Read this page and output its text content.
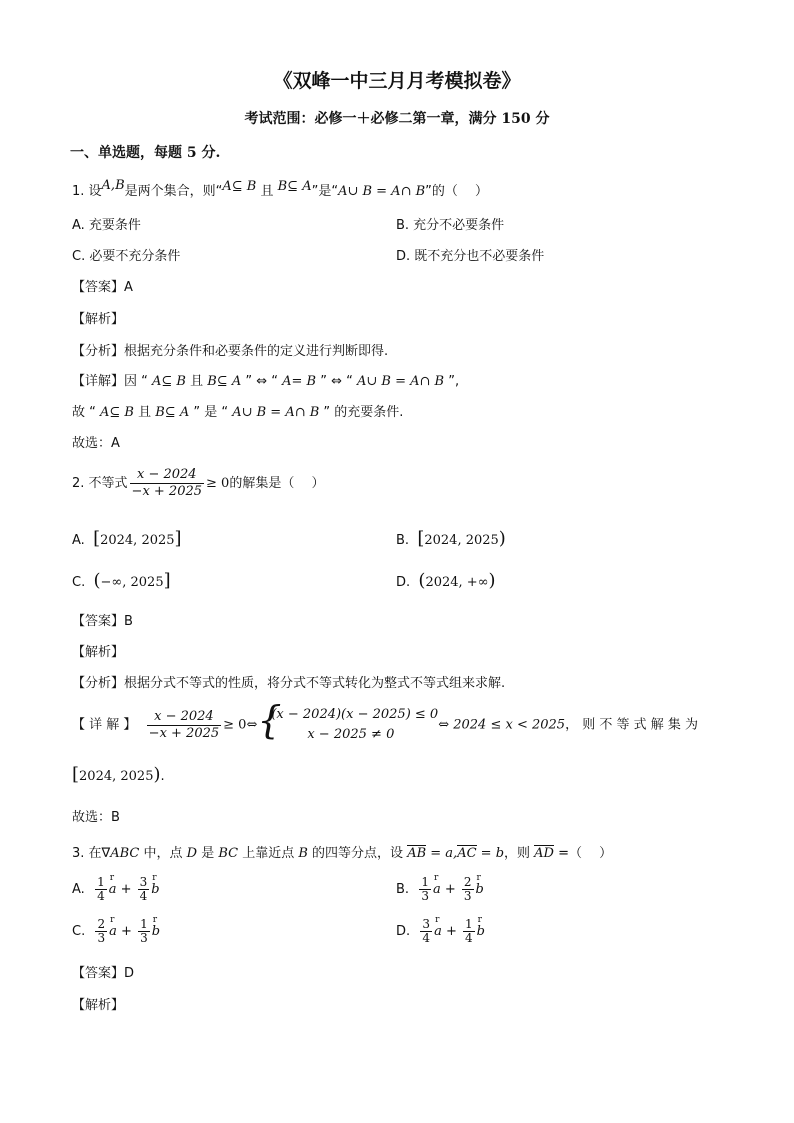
《双峰一中三月月考模拟卷》
考试范围：必修一＋必修二第一章，满分 150 分
一、单选题，每题 5 分.
1. 设A,B是两个集合，则“A⊆ B 且 B⊆ A”是“A∪ B = A∩ B”的（　 ）
A. 充要条件	B. 充分不必要条件
C. 必要不充分条件	D. 既不充分也不必要条件
【答案】A
【解析】
【分析】根据充分条件和必要条件的定义进行判断即得.
【详解】因 “ A⊆ B 且 B⊆ A ” ⇔ “ A= B ” ⇔ “ A∪ B = A∩ B ”,
故 “ A⊆ B 且 B⊆ A ” 是 “ A∪ B = A∩ B ” 的充要条件.
故选：A
2. 不等式 $\frac{x - 2024}{-x + 2025} \ge 0$的解集是（　 ）
A. [2024, 2025]	B. [2024, 2025)
C. (−∞, 2025]	D. (2024, +∞)
【答案】B
【解析】
【分析】根据分式不等式的性质，将分式不等式转化为整式不等式组来求解.
【 详 解 】 $\frac{x - 2024}{-x + 2025}$ ≥ 0⇔ {
(x − 2024)(x − 2025) ≤ 0
x − 2025 ≠ 0
⇔ 2024 ≤ x < 2025， 则 不 等 式 解 集 为
[2024, 2025).
故选：B
3. 在∇ABC 中，点 D 是 BC 上靠近点 B 的四等分点，设 AB = a,AC = b，则 AD =（　 ）
A. $\frac{1}{4}$ r $a + \frac{3}{4}$ r b	B. $\frac{1}{3}$ r $a + \frac{2}{3}$ r b
C. $\frac{2}{3}$ r $a + \frac{1}{3}$ r b	D. $\frac{3}{4}$ r $a + \frac{1}{4}$ r b
【答案】D
【解析】
